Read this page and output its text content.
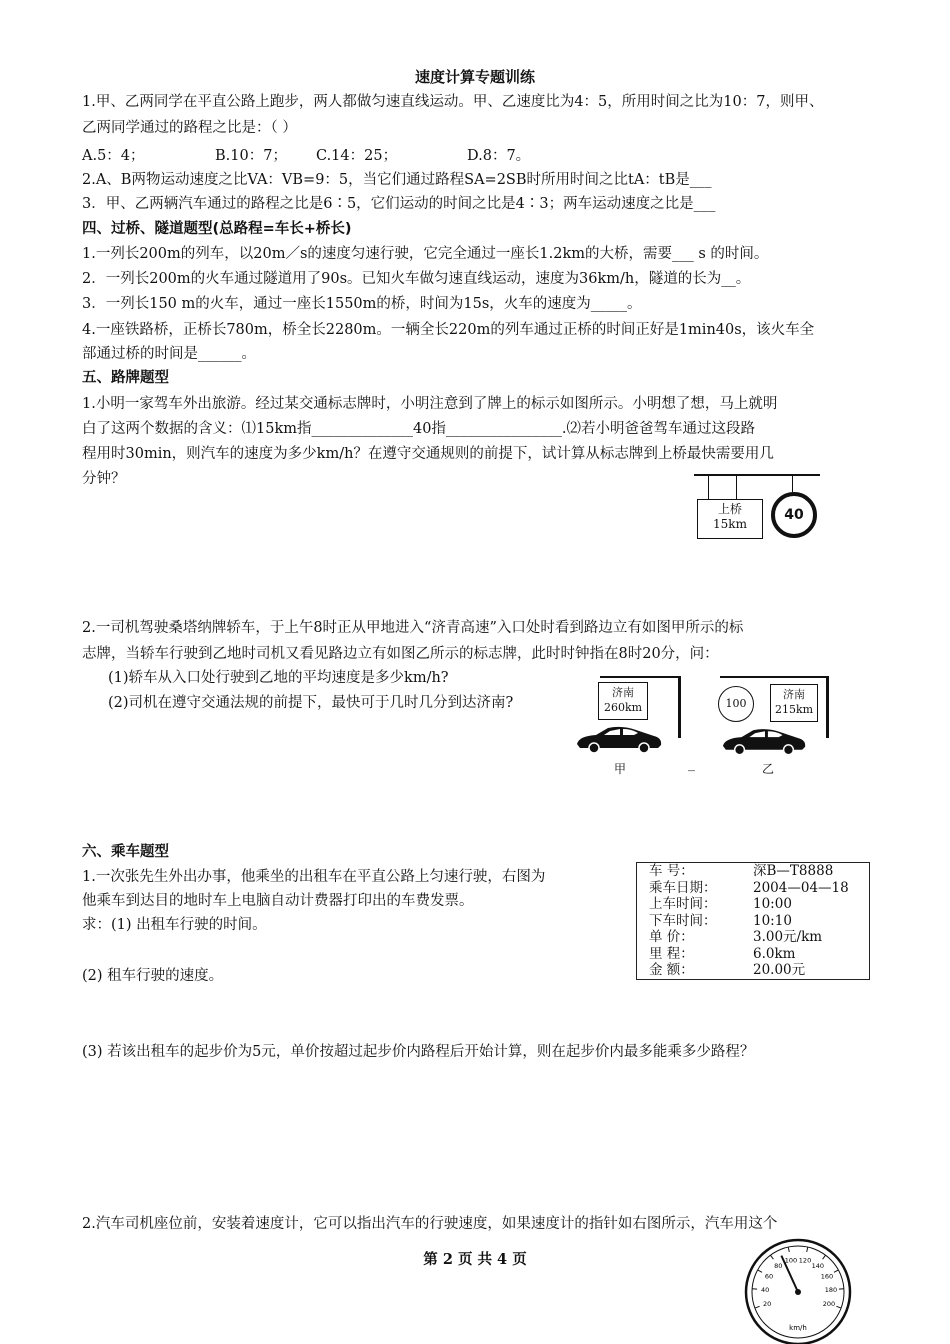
速度计算专题训练
1.甲、乙两同学在平直公路上跑步，两人都做匀速直线运动。甲、乙速度比为4：5，所用时间之比为10：7，则甲、
乙两同学通过的路程之比是：（ ）
A.5：4；	B.10：7； C.14：25；	D.8：7。
2.A、B两物运动速度之比VA：VB=9：5，当它们通过路程SA=2SB时所用时间之比tA：tB是___
3．甲、乙两辆汽车通过的路程之比是6∶5，它们运动的时间之比是4∶3；两车运动速度之比是___
四、过桥、隧道题型(总路程=车长+桥长)
1.一列长200m的列车，以20m／s的速度匀速行驶，它完全通过一座长1.2km的大桥，需要___ s 的时间。
2．一列长200m的火车通过隧道用了90s。已知火车做匀速直线运动，速度为36km/h，隧道的长为__。
3．一列长150 m的火车，通过一座长1550m的桥，时间为15s，火车的速度为_____。
4.一座铁路桥，正桥长780m，桥全长2280m。一辆全长220m的列车通过正桥的时间正好是1min40s，该火车全
部通过桥的时间是______。
五、路牌题型
1.小明一家驾车外出旅游。经过某交通标志牌时，小明注意到了牌上的标示如图所示。小明想了想，马上就明
白了这两个数据的含义：⑴15km指______________40指________________.⑵若小明爸爸驾车通过这段路
程用时30min，则汽车的速度为多少km/h？在遵守交通规则的前提下，试计算从标志牌到上桥最快需要用几
分钟？
上桥
15km
40
2.一司机驾驶桑塔纳牌轿车，于上午8时正从甲地进入“济青高速”入口处时看到路边立有如图甲所示的标
志牌，当轿车行驶到乙地时司机又看见路边立有如图乙所示的标志牌，此时时钟指在8时20分，问：
(1)轿车从入口处行驶到乙地的平均速度是多少km/h?
(2)司机在遵守交通法规的前提下，最快可于几时几分到达济南?
济南
260km
甲	_
100
济南
215km
乙
六、乘车题型
1.一次张先生外出办事，他乘坐的出租车在平直公路上匀速行驶，右图为
他乘车到达目的地时车上电脑自动计费器打印出的车费发票。
求：(1) 出租车行驶的时间。
(2) 租车行驶的速度。
车 号：	深B—T8888
乘车日期：	2004—04—18
上车时间：	10:00
下车时间：	10:10
单 价：	3.00元/km
里 程：	6.0km
金 额：	20.00元
(3) 若该出租车的起步价为5元，单价按超过起步价内路程后开始计算，则在起步价内最多能乘多少路程？
2.汽车司机座位前，安装着速度计，它可以指出汽车的行驶速度，如果速度计的指针如右图所示，汽车用这个
第 2 页 共 4 页
20
40
60
80
100 120
140
160
180
200
km/h
